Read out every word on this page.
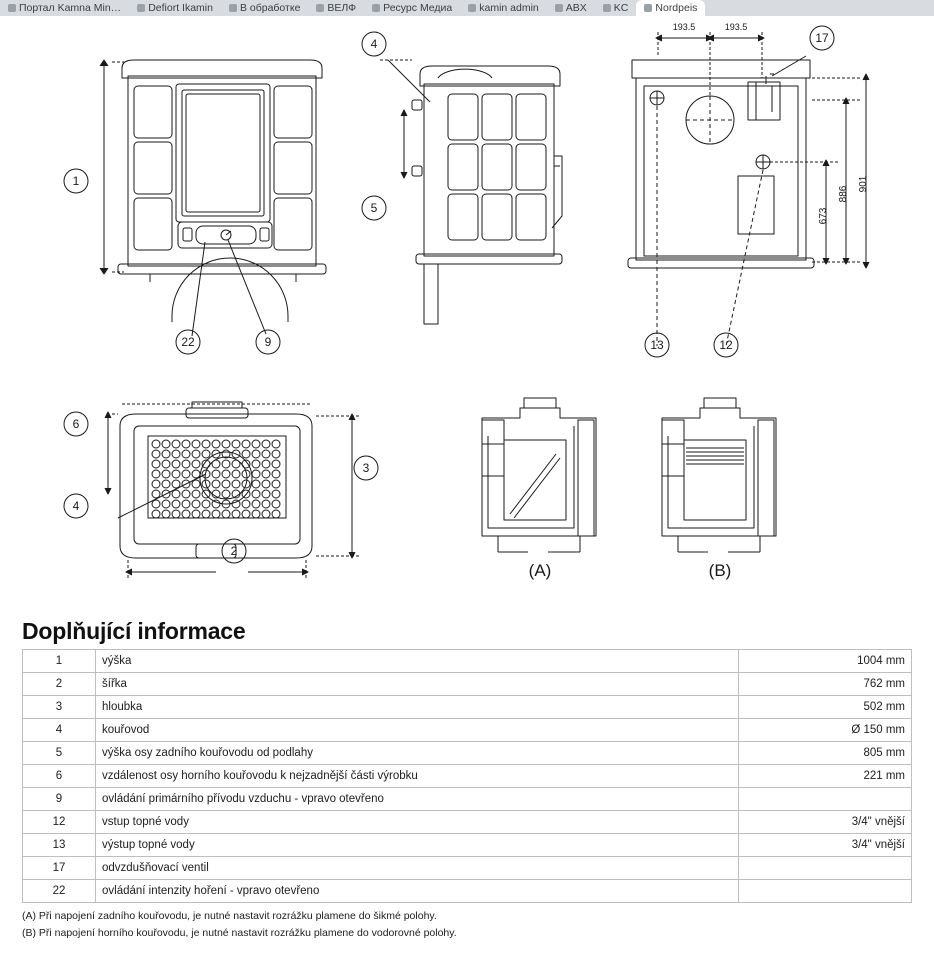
Портал Kamnа Min…	Defiort Ikamin	В обработке	ВЕЛФ	Ресурс Медиа	kamin admin	ABX	KC	Nordpeis
1
2
3
4
4
5
6
9	12
13
17
22
193.5	193.5
673
886
901
(A)	(B)
Doplňující informace
1	výška	1004 mm
2	šířka	762 mm
3	hloubka	502 mm
4	kouřovod	Ø 150 mm
5	výška osy zadního kouřovodu od podlahy	805 mm
6	vzdálenost osy horního kouřovodu k nejzadnější části výrobku	221 mm
9	ovládání primárního přívodu vzduchu - vpravo otevřeno	
12	vstup topné vody	3/4" vnější
13	výstup topné vody	3/4" vnější
17	odvzdušňovací ventil	
22	ovládání intenzity hoření - vpravo otevřeno	
(A) Při napojení zadního kouřovodu, je nutné nastavit rozrážku plamene do šikmé polohy.
(B) Při napojení horního kouřovodu, je nutné nastavit rozrážku plamene do vodorovné polohy.
